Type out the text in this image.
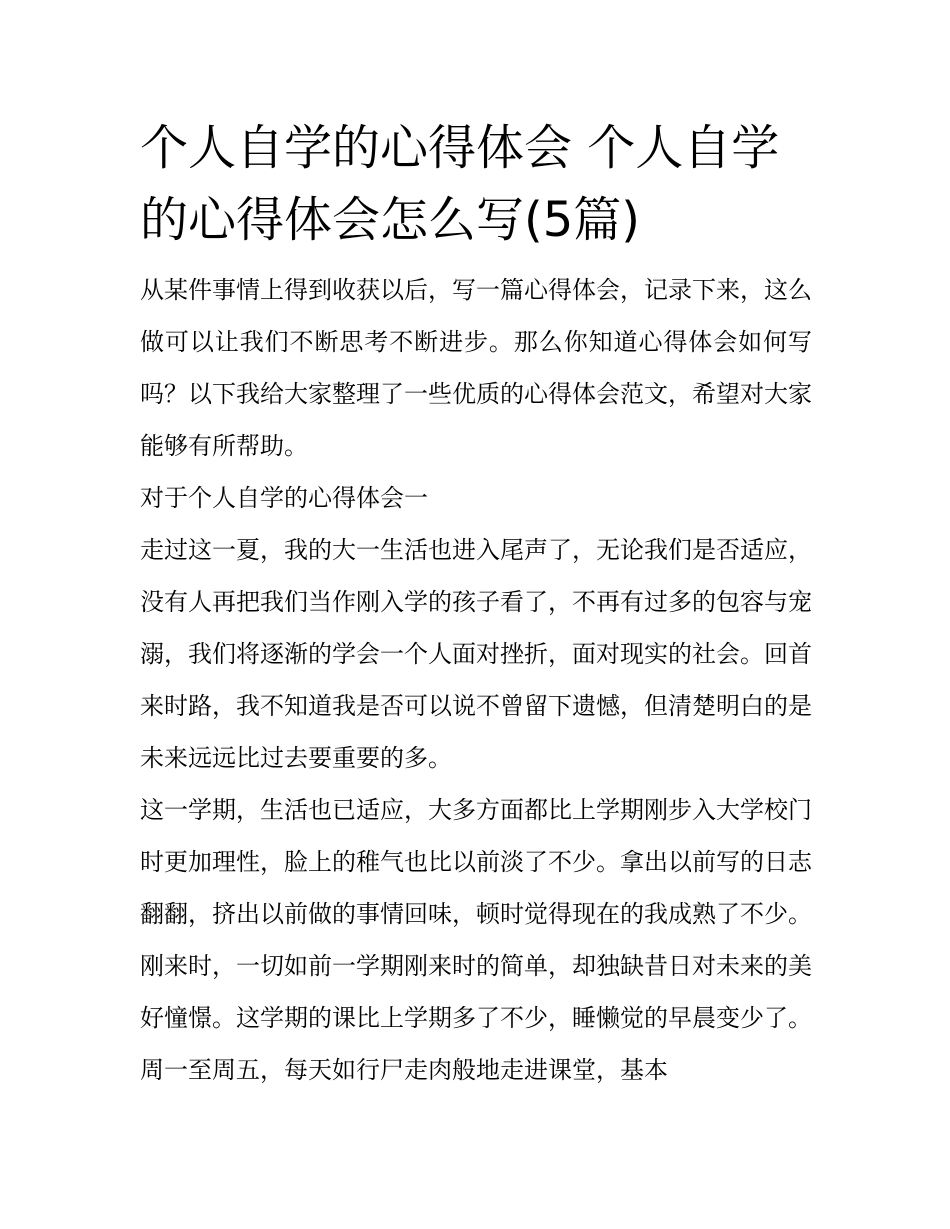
个人自学的心得体会 个人自学的心得体会怎么写(5篇)

从某件事情上得到收获以后，写一篇心得体会，记录下来，这么做可以让我们不断思考不断进步。那么你知道心得体会如何写吗？以下我给大家整理了一些优质的心得体会范文，希望对大家能够有所帮助。

对于个人自学的心得体会一

走过这一夏，我的大一生活也进入尾声了，无论我们是否适应，没有人再把我们当作刚入学的孩子看了，不再有过多的包容与宠溺，我们将逐渐的学会一个人面对挫折，面对现实的社会。回首来时路，我不知道我是否可以说不曾留下遗憾，但清楚明白的是未来远远比过去要重要的多。

这一学期，生活也已适应，大多方面都比上学期刚步入大学校门时更加理性，脸上的稚气也比以前淡了不少。拿出以前写的日志翻翻，挤出以前做的事情回味，顿时觉得现在的我成熟了不少。刚来时，一切如前一学期刚来时的简单，却独缺昔日对未来的美好憧憬。这学期的课比上学期多了不少，睡懒觉的早晨变少了。周一至周五，每天如行尸走肉般地走进课堂，基本
